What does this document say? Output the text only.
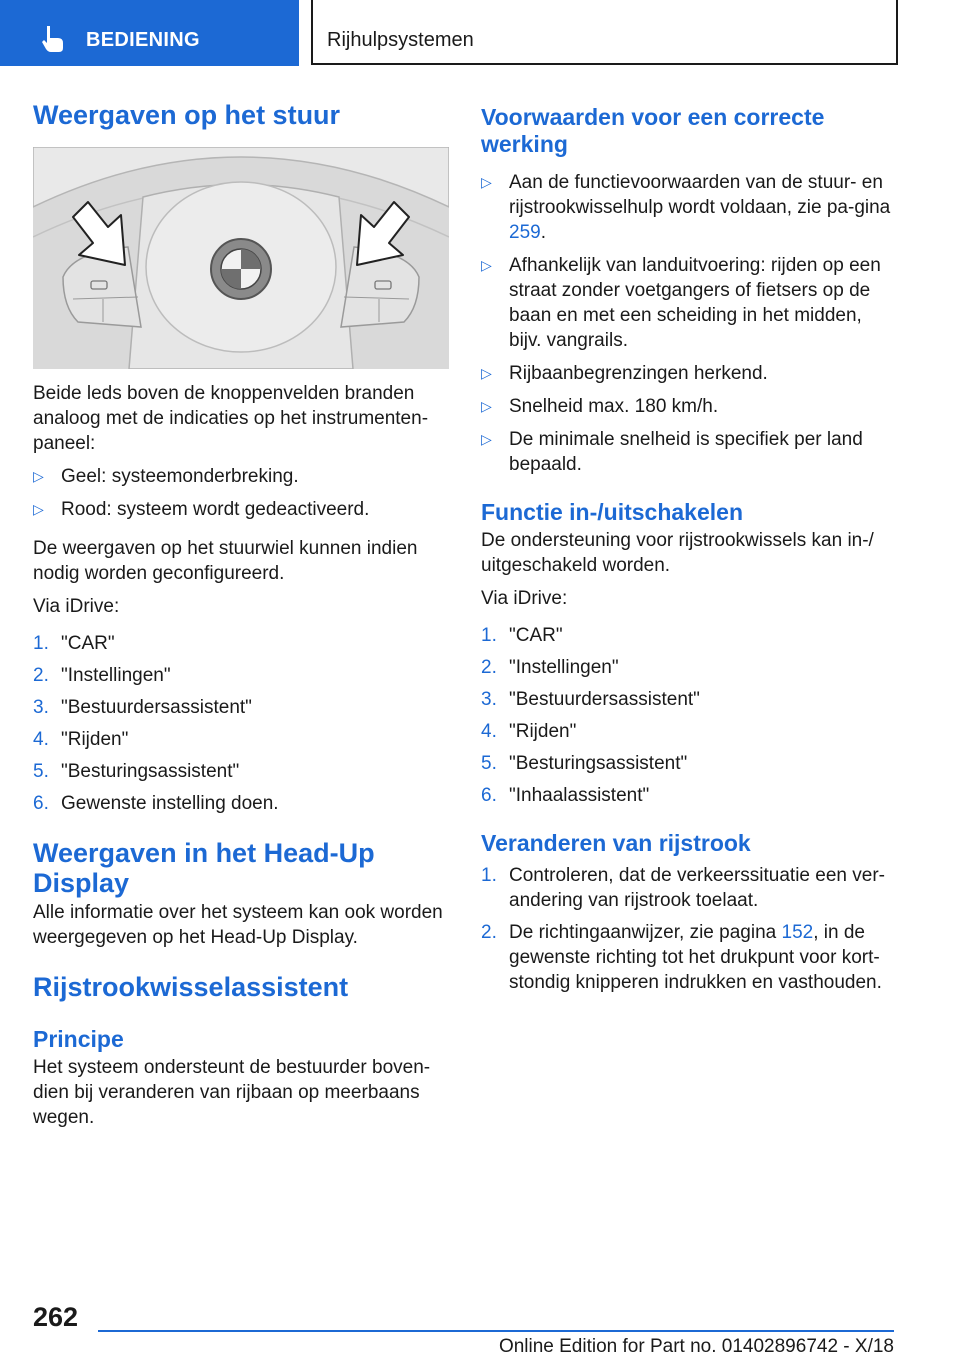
BEDIENING	Rijhulpsystemen
Weergaven op het stuur

Beide leds boven de knoppenvelden branden analoog met de indicaties op het instrumenten-paneel:

▷ Geel: systeemonderbreking.
▷ Rood: systeem wordt gedeactiveerd.

De weergaven op het stuurwiel kunnen indien nodig worden geconfigureerd.

Via iDrive:

1. "CAR"
2. "Instellingen"
3. "Bestuurdersassistent"
4. "Rijden"
5. "Besturingsassistent"
6. Gewenste instelling doen.
Weergaven in het Head-Up Display

Alle informatie over het systeem kan ook worden weergegeven op het Head-Up Display.

Rijstrookwisselassistent
Principe

Het systeem ondersteunt de bestuurder boven-dien bij veranderen van rijbaan op meerbaans wegen.

Voorwaarden voor een correcte werking
▷ Aan de functievoorwaarden van de stuur- en rijstrookwisselhulp wordt voldaan, zie pa-gina 259.
▷ Afhankelijk van landuitvoering: rijden op een straat zonder voetgangers of fietsers op de baan en met een scheiding in het midden, bijv. vangrails.
▷ Rijbaanbegrenzingen herkend.
▷ Snelheid max. 180 km/h.
▷ De minimale snelheid is specifiek per land bepaald.
Functie in-/uitschakelen

De ondersteuning voor rijstrookwissels kan in-/ uitgeschakeld worden.

Via iDrive:

1. "CAR"
2. "Instellingen"
3. "Bestuurdersassistent"
4. "Rijden"
5. "Besturingsassistent"
6. "Inhaalassistent"
Veranderen van rijstrook
1. Controleren, dat de verkeerssituatie een ver-andering van rijstrook toelaat.
2. De richtingaanwijzer, zie pagina 152, in de gewenste richting tot het drukpunt voor kort-stondig knipperen indrukken en vasthouden.
262
Online Edition for Part no. 01402896742 - X/18
